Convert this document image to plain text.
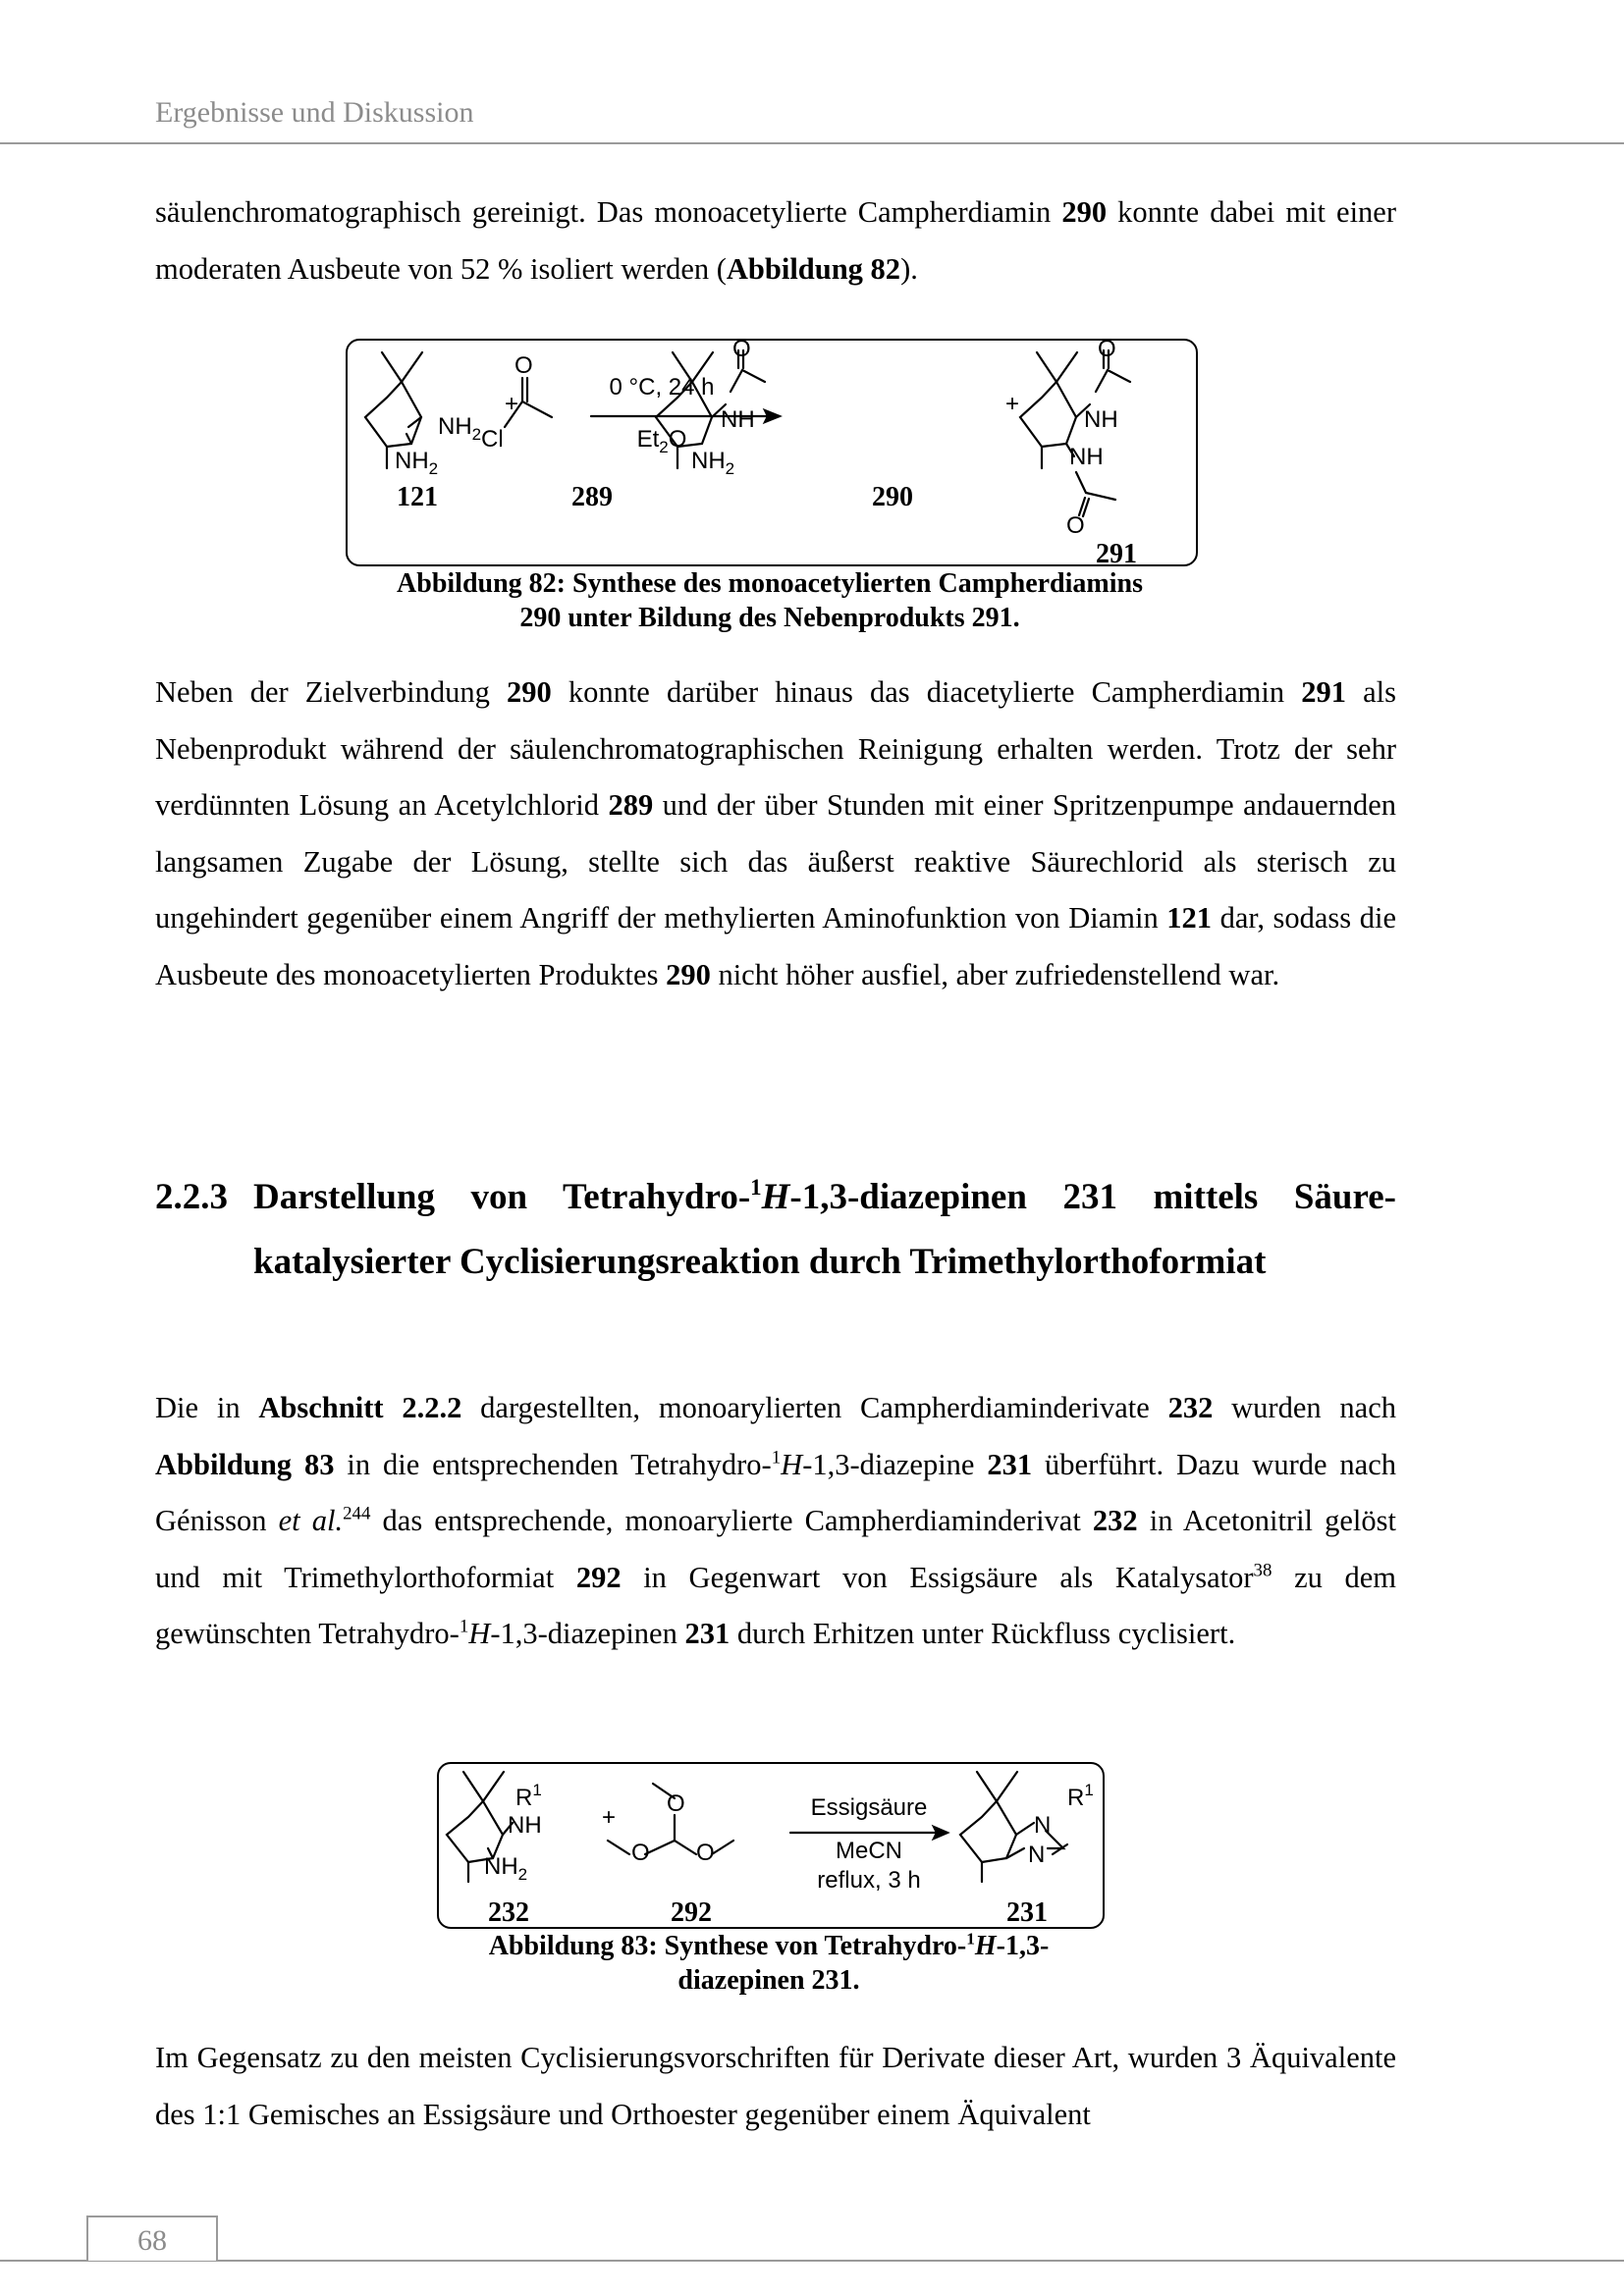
Ergebnisse und Diskussion
säulenchromatographisch gereinigt. Das monoacetylierte Campherdiamin 290 konnte dabei mit einer moderaten Ausbeute von 52 % isoliert werden (Abbildung 82).
$NH_2$
$NH_2$
+
O
Cl
0 °C, 24 h
$Et_2O$
O
NH
$NH_2$
+
O
NH
NH
O
121	289	290
291
Abbildung 82: Synthese des monoacetylierten Campherdiamins
290 unter Bildung des Nebenprodukts 291.
Neben der Zielverbindung 290 konnte darüber hinaus das diacetylierte Campherdiamin 291 als Nebenprodukt während der säulenchromatographischen Reinigung erhalten werden. Trotz der sehr verdünnten Lösung an Acetylchlorid 289 und der über Stunden mit einer Spritzenpumpe andauernden langsamen Zugabe der Lösung, stellte sich das äußerst reaktive Säurechlorid als sterisch zu ungehindert gegenüber einem Angriff der methylierten Aminofunktion von Diamin 121 dar, sodass die Ausbeute des monoacetylierten Produktes 290 nicht höher ausfiel, aber zufriedenstellend war.
2.2.3 Darstellung von Tetrahydro-$^1$H-1,3-diazepinen 231 mittels Säure-
katalysierter Cyclisierungsreaktion durch Trimethylorthoformiat
Die in Abschnitt 2.2.2 dargestellten, monoarylierten Campherdiaminderivate 232 wurden nach Abbildung 83 in die entsprechenden Tetrahydro-$^1$H-1,3-diazepine 231 überführt. Dazu wurde nach Génisson et al.$^{244}$ das entsprechende, monoarylierte Campherdiaminderivat 232 in Acetonitril gelöst und mit Trimethylorthoformiat 292 in Gegenwart von Essigsäure als Katalysator$^{38}$ zu dem gewünschten Tetrahydro-$^1$H-1,3-diazepinen 231 durch Erhitzen unter Rückfluss cyclisiert.
$R^1$
NH
$NH_2$
+
O
O O
Essigsäure
MeCN
reflux, 3 h
$R^1$
N
N
232	292	231
Abbildung 83: Synthese von Tetrahydro-$^1$H-1,3-
diazepinen 231.
Im Gegensatz zu den meisten Cyclisierungsvorschriften für Derivate dieser Art, wurden 3 Äquivalente des 1:1 Gemisches an Essigsäure und Orthoester gegenüber einem Äquivalent
68
